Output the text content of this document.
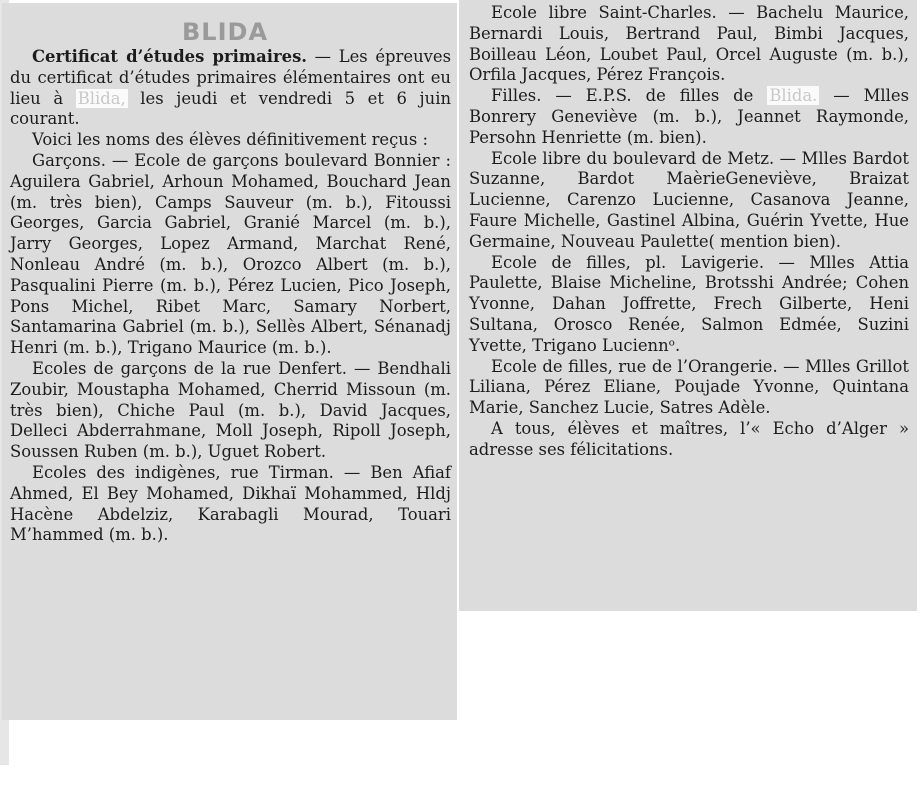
BLIDA

Certificat d’études primaires. — Les épreuves du certificat d’études primaires élémentaires ont eu lieu à Blida, les jeudi et vendredi 5 et 6 juin courant.

Voici les noms des élèves définitivement reçus :

Garçons. — Ecole de garçons boulevard Bonnier : Aguilera Gabriel, Arhoun Mohamed, Bouchard Jean (m. très bien), Camps Sauveur (m. b.), Fitoussi Georges, Garcia Gabriel, Granié Marcel (m. b.), Jarry Georges, Lopez Armand, Marchat René, Nonleau André (m. b.), Orozco Albert (m. b.), Pasqualini Pierre (m. b.), Pérez Lucien, Pico Joseph, Pons Michel, Ribet Marc, Samary Norbert, Santamarina Gabriel (m. b.), Sellès Albert, Sénanadj Henri (m. b.), Trigano Maurice (m. b.).

Ecoles de garçons de la rue Denfert. — Bendhali Zoubir, Moustapha Mohamed, Cherrid Missoun (m. très bien), Chiche Paul (m. b.), David Jacques, Delleci Abderrahmane, Moll Joseph, Ripoll Joseph, Soussen Ruben (m. b.), Uguet Robert.

Ecoles des indigènes, rue Tirman. — Ben Afiaf Ahmed, El Bey Mohamed, Dikhaï Mohammed, Hldj Hacène Abdelziz, Karabagli Mourad, Touari M’hammed (m. b.).

Ecole libre Saint-Charles. — Bachelu Maurice, Bernardi Louis, Bertrand Paul, Bimbi Jacques, Boilleau Léon, Loubet Paul, Orcel Auguste (m. b.), Orfila Jacques, Pérez François.

Filles. — E.P.S. de filles de Blida. — Mlles Bonrery Geneviève (m. b.), Jeannet Raymonde, Persohn Henriette (m. bien).

Ecole libre du boulevard de Metz. — Mlles Bardot Suzanne, Bardot MaèrieGeneviève, Braizat Lucienne, Carenzo Lucienne, Casanova Jeanne, Faure Michelle, Gastinel Albina, Guérin Yvette, Hue Germaine, Nouveau Paulette( mention bien).

Ecole de filles, pl. Lavigerie. — Mlles Attia Paulette, Blaise Micheline, Brotsshi Andrée; Cohen Yvonne, Dahan Joffrette, Frech Gilberte, Heni Sultana, Orosco Renée, Salmon Edmée, Suzini Yvette, Trigano Luciennᵒ.

Ecole de filles, rue de l’Orangerie. — Mlles Grillot Liliana, Pérez Eliane, Poujade Yvonne, Quintana Marie, Sanchez Lucie, Satres Adèle.

A tous, élèves et maîtres, l’« Echo d’Alger » adresse ses félicitations.
